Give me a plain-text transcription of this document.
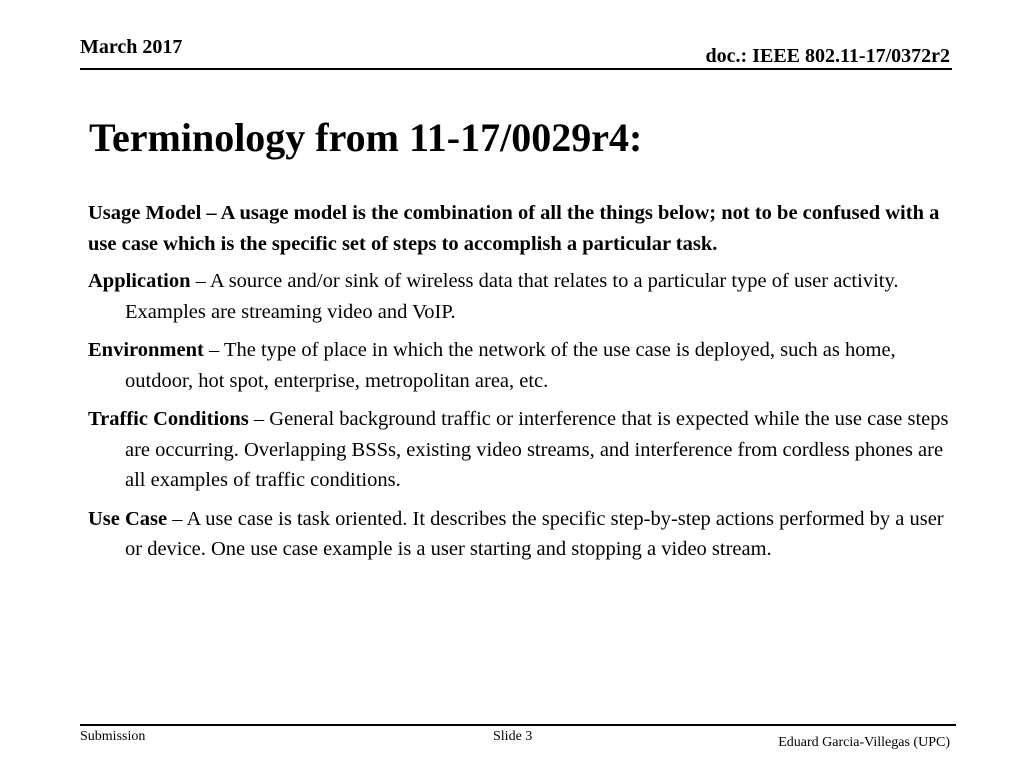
March 2017	doc.: IEEE 802.11-17/0372r2
Terminology from 11-17/0029r4:

Usage Model – A usage model is the combination of all the things below; not to be confused with a use case which is the specific set of steps to accomplish a particular task.

Application – A source and/or sink of wireless data that relates to a particular type of user activity. Examples are streaming video and VoIP.

Environment – The type of place in which the network of the use case is deployed, such as home, outdoor, hot spot, enterprise, metropolitan area, etc.

Traffic Conditions – General background traffic or interference that is expected while the use case steps are occurring. Overlapping BSSs, existing video streams, and interference from cordless phones are all examples of traffic conditions.

Use Case – A use case is task oriented. It describes the specific step-by-step actions performed by a user or device. One use case example is a user starting and stopping a video stream.

Submission	Slide 3	Eduard Garcia-Villegas (UPC)
